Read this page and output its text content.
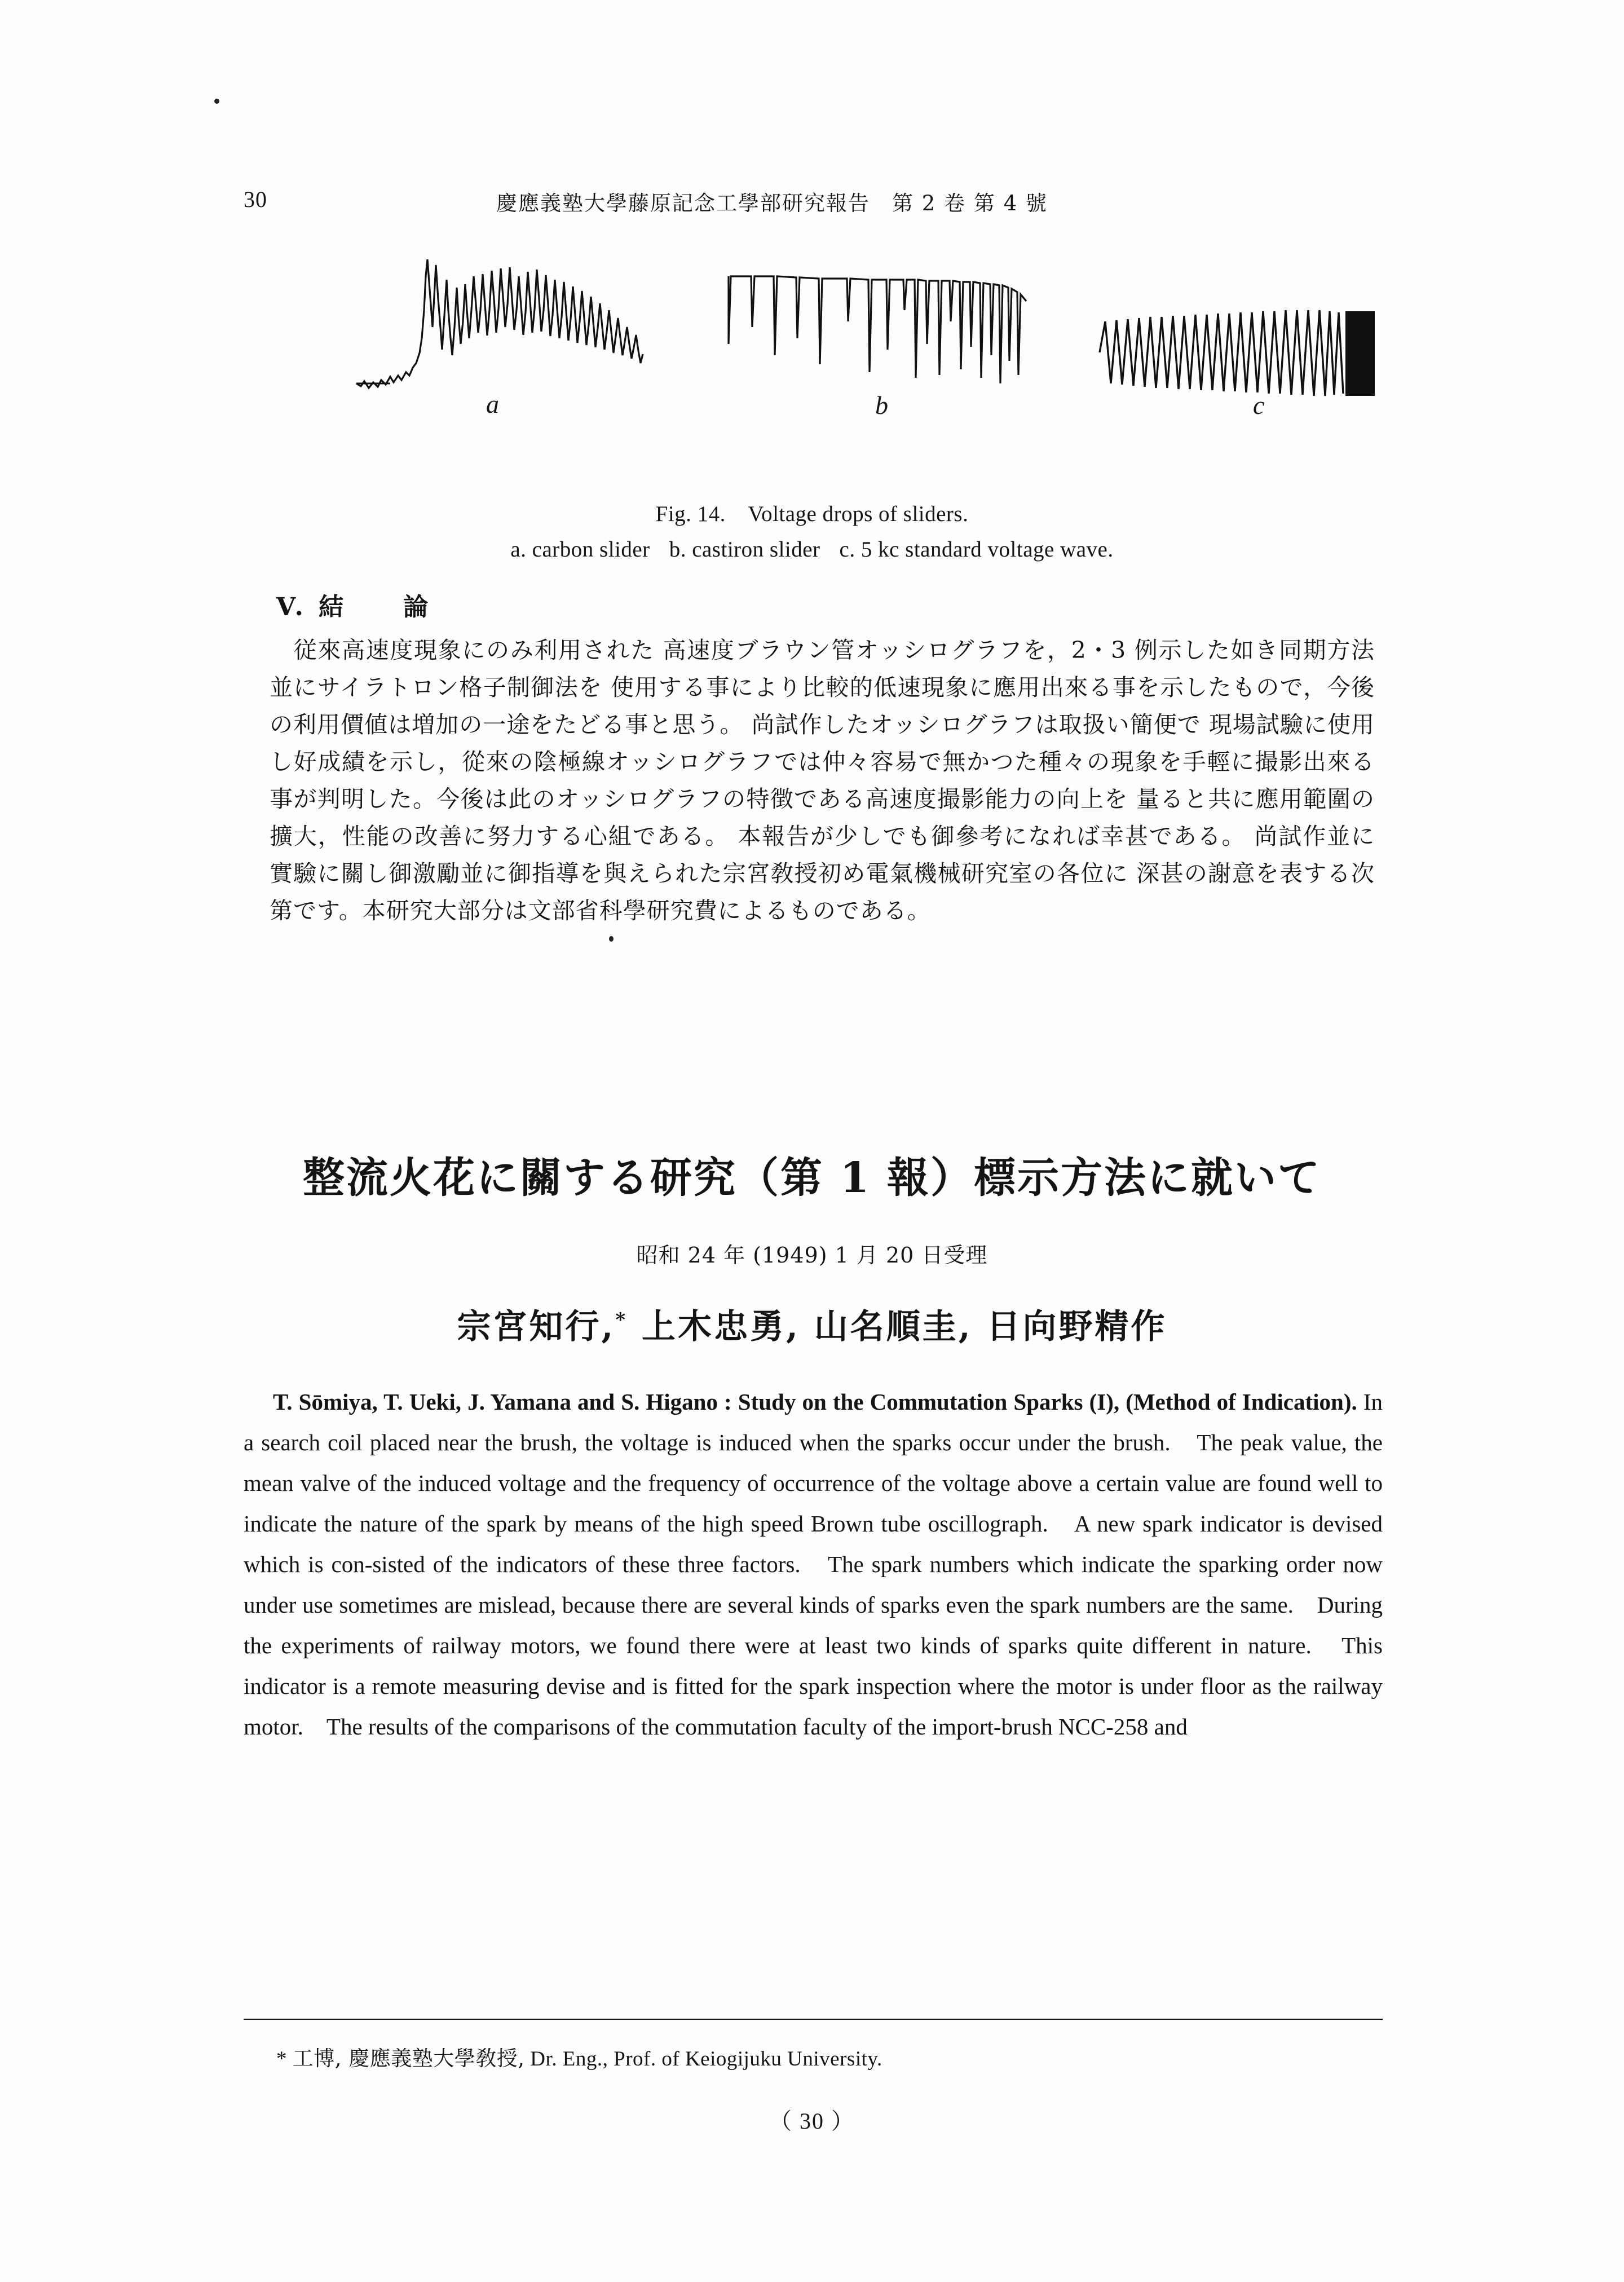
30	慶應義塾大學藤原記念工學部研究報告　第 2 卷 第 4 號
a	b	c
Fig. 14.　Voltage drops of sliders.
a. carbon slider b. castiron slider c. 5 kc standard voltage wave.
V. 結　　論

従來高速度現象にのみ利用された 高速度ブラウン管オッシログラフを，2・3 例示した如き同期方法並にサイラトロン格子制御法を 使用する事により比較的低速現象に應用出來る事を示したもので，今後の利用價値は増加の一途をたどる事と思う。 尚試作したオッシログラフは取扱い簡便で 現場試驗に使用し好成績を示し，從來の陰極線オッシログラフでは仲々容易で無かつた種々の現象を手輕に撮影出來る事が判明した。今後は此のオッシログラフの特徴である高速度撮影能力の向上を 量ると共に應用範圍の擴大，性能の改善に努力する心組である。 本報告が少しでも御參考になれば幸甚である。 尚試作並に實驗に關し御激勵並に御指導を與えられた宗宮敎授初め電氣機械研究室の各位に 深甚の謝意を表する次第です。本研究大部分は文部省科學研究費によるものである。

整流火花に關する研究（第 1 報）標示方法に就いて
昭和 24 年 (1949) 1 月 20 日受理
宗宮知行,* 上木忠勇, 山名順圭, 日向野精作
T. Sōmiya, T. Ueki, J. Yamana and S. Higano : Study on the Commutation Sparks (I), (Method of Indication). In a search coil placed near the brush, the voltage is induced when the sparks occur under the brush.　The peak value, the mean valve of the induced voltage and the frequency of occurrence of the voltage above a certain value are found well to indicate the nature of the spark by means of the high speed Brown tube oscillograph.　A new spark indicator is devised which is con-sisted of the indicators of these three factors.　The spark numbers which indicate the sparking order now under use sometimes are mislead, because there are several kinds of sparks even the spark numbers are the same.　During the experiments of railway motors, we found there were at least two kinds of sparks quite different in nature.　This indicator is a remote measuring devise and is fitted for the spark inspection where the motor is under floor as the railway motor.　The results of the comparisons of the commutation faculty of the import-brush NCC-258 and
* 工博, 慶應義塾大學敎授, Dr. Eng., Prof. of Keiogijuku University.
（ 30 ）
